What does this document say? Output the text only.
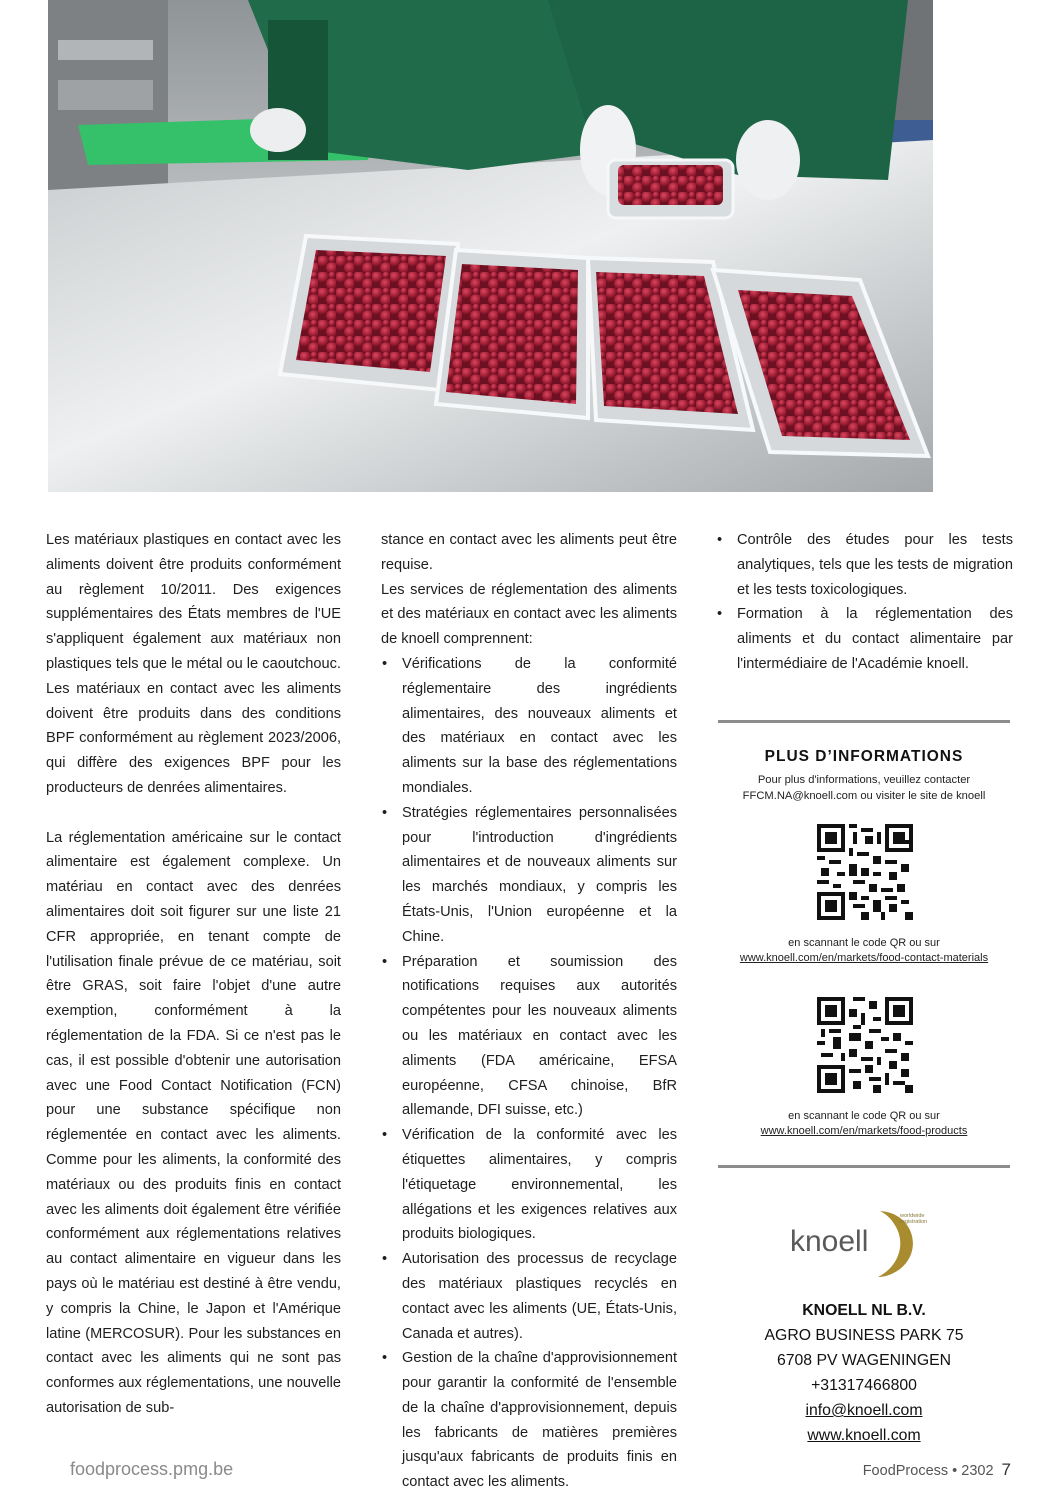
Les matériaux plastiques en contact avec les aliments doivent être produits conformément au règlement 10/2011. Des exigences supplémentaires des États membres de l'UE s'appliquent également aux matériaux non plastiques tels que le métal ou le caoutchouc. Les matériaux en contact avec les aliments doivent être produits dans des conditions BPF conformément au règlement 2023/2006, qui diffère des exigences BPF pour les producteurs de denrées alimentaires.

La réglementation américaine sur le contact alimentaire est également complexe. Un matériau en contact avec des denrées alimentaires doit soit figurer sur une liste 21 CFR appropriée, en tenant compte de l'utilisation finale prévue de ce matériau, soit être GRAS, soit faire l'objet d'une autre exemption, conformément à la réglementation de la FDA. Si ce n'est pas le cas, il est possible d'obtenir une autorisation avec une Food Contact Notification (FCN) pour une substance spécifique non réglementée en contact avec les aliments. Comme pour les aliments, la conformité des matériaux ou des produits finis en contact avec les aliments doit également être vérifiée conformément aux réglementations relatives au contact alimentaire en vigueur dans les pays où le matériau est destiné à être vendu, y compris la Chine, le Japon et l'Amérique latine (MERCOSUR). Pour les substances en contact avec les aliments qui ne sont pas conformes aux réglementations, une nouvelle autorisation de sub-

stance en contact avec les aliments peut être requise.

Les services de réglementation des aliments et des matériaux en contact avec les aliments de knoell comprennent:

• Vérifications de la conformité réglementaire des ingrédients alimentaires, des nouveaux aliments et des matériaux en contact avec les aliments sur la base des réglementations mondiales.
• Stratégies réglementaires personnalisées pour l'introduction d'ingrédients alimentaires et de nouveaux aliments sur les marchés mondiaux, y compris les États-Unis, l'Union européenne et la Chine.
• Préparation et soumission des notifications requises aux autorités compétentes pour les nouveaux aliments ou les matériaux en contact avec les aliments (FDA américaine, EFSA européenne, CFSA chinoise, BfR allemande, DFI suisse, etc.)
• Vérification de la conformité avec les étiquettes alimentaires, y compris l'étiquetage environnemental, les allégations et les exigences relatives aux produits biologiques.
• Autorisation des processus de recyclage des matériaux plastiques recyclés en contact avec les aliments (UE, États-Unis, Canada et autres).
• Gestion de la chaîne d'approvisionnement pour garantir la conformité de l'ensemble de la chaîne d'approvisionnement, depuis les fabricants de matières premières jusqu'aux fabricants de produits finis en contact avec les aliments.
• Contrôle des études pour les tests analytiques, tels que les tests de migration et les tests toxicologiques.
• Formation à la réglementation des aliments et du contact alimentaire par l'intermédiaire de l'Académie knoell.
PLUS D’INFORMATIONS
Pour plus d'informations, veuillez contacter
FFCM.NA@knoell.com ou visiter le site de knoell
en scannant le code QR ou sur
www.knoell.com/en/markets/food-contact-materials
en scannant le code QR ou sur
www.knoell.com/en/markets/food-products
knoell
worldwide
registration
KNOELL NL B.V.
AGRO BUSINESS PARK 75
6708 PV WAGENINGEN
+31317466800
info@knoell.com
www.knoell.com
foodprocess.pmg.be	FoodProcess • 2302 7
